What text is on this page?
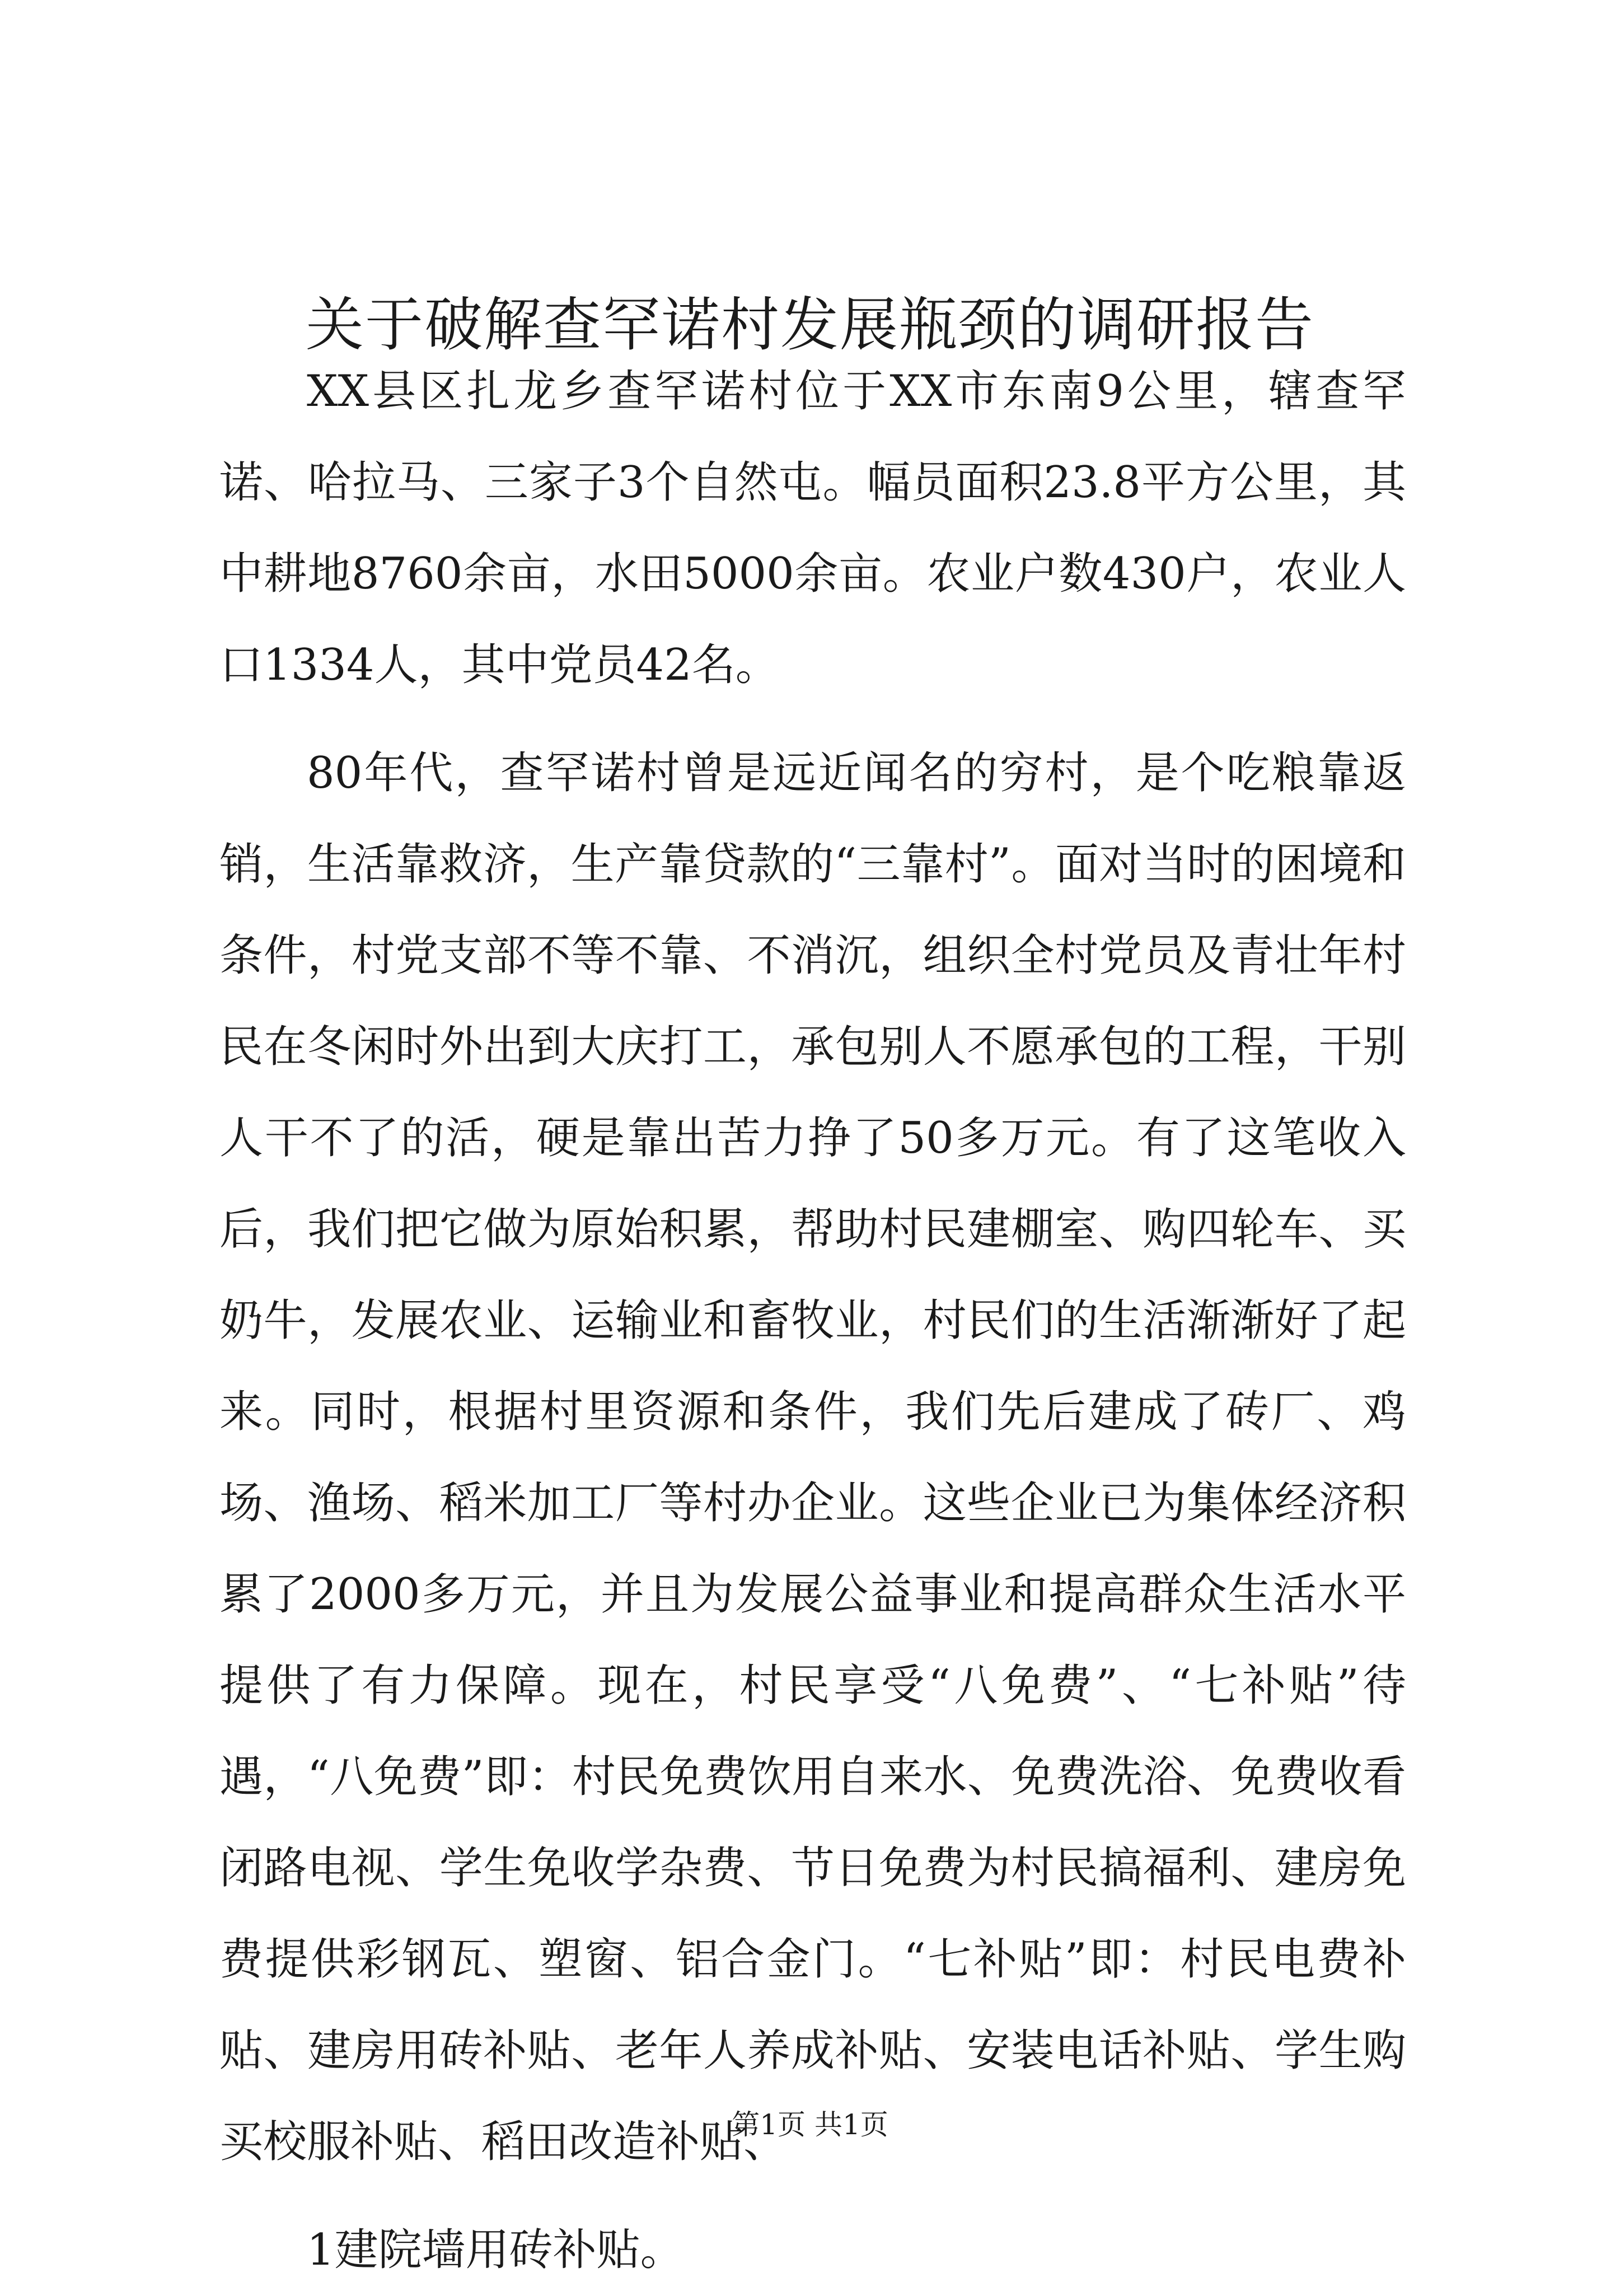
关于破解查罕诺村发展瓶颈的调研报告

XX县区扎龙乡查罕诺村位于XX市东南9公里，辖查罕诺、哈拉马、三家子3个自然屯。幅员面积23.8平方公里，其中耕地8760余亩，水田5000余亩。农业户数430户，农业人口1334人，其中党员42名。

80年代，查罕诺村曾是远近闻名的穷村，是个吃粮靠返销，生活靠救济，生产靠贷款的“三靠村”。面对当时的困境和条件，村党支部不等不靠、不消沉，组织全村党员及青壮年村民在冬闲时外出到大庆打工，承包别人不愿承包的工程，干别人干不了的活，硬是靠出苦力挣了50多万元。有了这笔收入后，我们把它做为原始积累，帮助村民建棚室、购四轮车、买奶牛，发展农业、运输业和畜牧业，村民们的生活渐渐好了起来。同时，根据村里资源和条件，我们先后建成了砖厂、鸡场、渔场、稻米加工厂等村办企业。这些企业已为集体经济积累了2000多万元，并且为发展公益事业和提高群众生活水平提供了有力保障。现在，村民享受“八免费”、“七补贴”待遇，“八免费”即：村民免费饮用自来水、免费洗浴、免费收看闭路电视、学生免收学杂费、节日免费为村民搞福利、建房免费提供彩钢瓦、塑窗、铝合金门。“七补贴”即：村民电费补贴、建房用砖补贴、老年人养成补贴、安装电话补贴、学生购买校服补贴、稻田改造补贴、

1建院墙用砖补贴。

第1页 共1页
